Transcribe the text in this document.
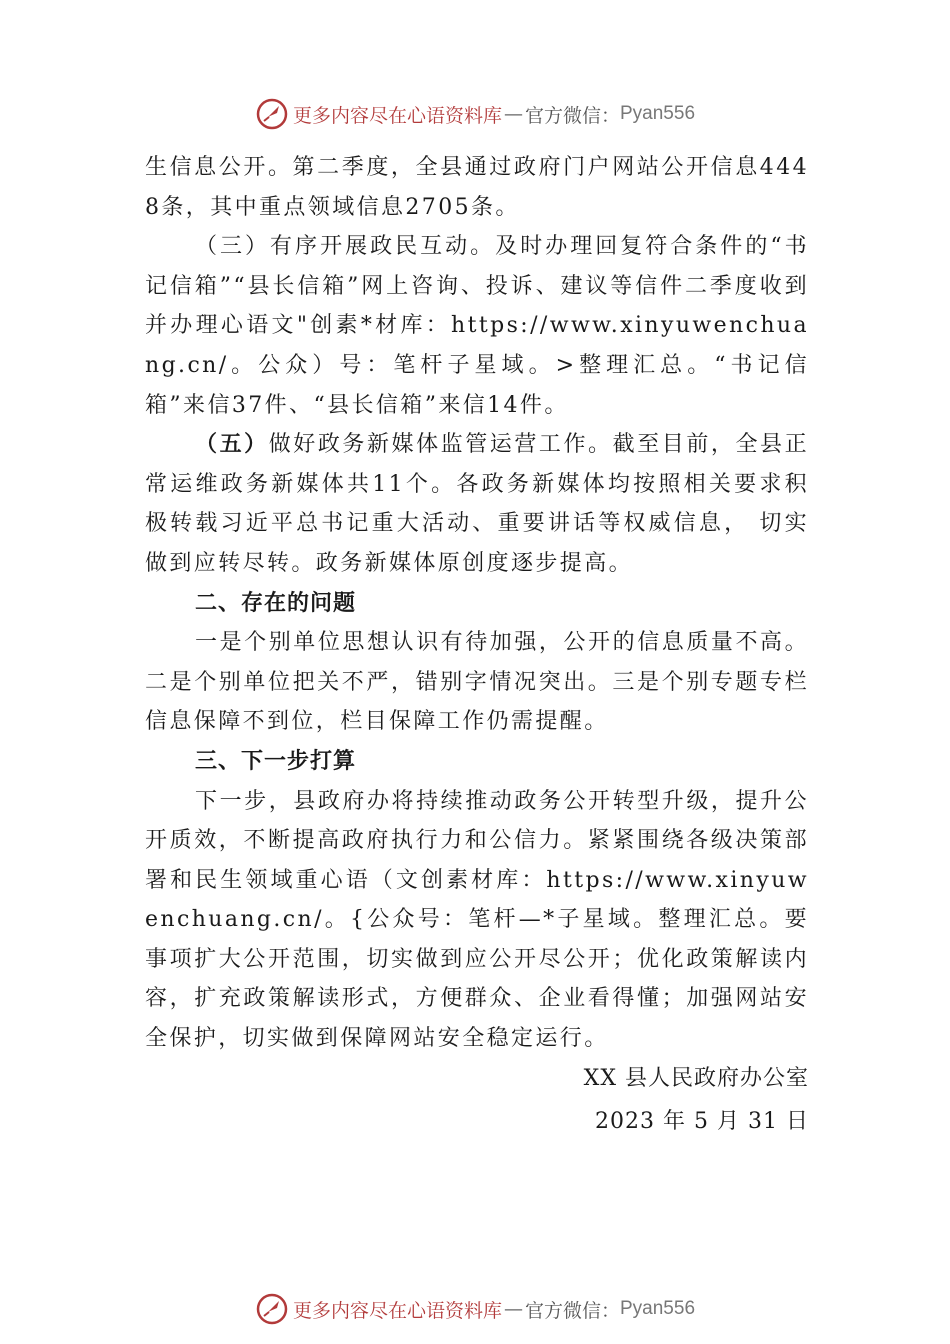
更多内容尽在心语资料库 — 官方微信： Pyan556

生信息公开。第二季度，全县通过政府门户网站公开信息4448条，其中重点领域信息2705条。

（三）有序开展政民互动。及时办理回复符合条件的“书记信箱”“县长信箱”网上咨询、投诉、建议等信件二季度收到并办理心语文"创素*材库：https://www.xinyuwenchuang.cn/。公众）号：笔杆子星域。>整理汇总。“书记信箱”来信37件、“县长信箱”来信14件。

（五）做好政务新媒体监管运营工作。截至目前，全县正常运维政务新媒体共11个。各政务新媒体均按照相关要求积极转载习近平总书记重大活动、重要讲话等权威信息， 切实做到应转尽转。政务新媒体原创度逐步提高。

二、存在的问题

一是个别单位思想认识有待加强，公开的信息质量不高。二是个别单位把关不严，错别字情况突出。三是个别专题专栏信息保障不到位，栏目保障工作仍需提醒。

三、下一步打算

下一步，县政府办将持续推动政务公开转型升级，提升公开质效，不断提高政府执行力和公信力。紧紧围绕各级决策部署和民生领域重心语（文创素材库：https://www.xinyuwenchuang.cn/。{公众号：笔杆—*子星域。整理汇总。要事项扩大公开范围，切实做到应公开尽公开；优化政策解读内容，扩充政策解读形式，方便群众、企业看得懂；加强网站安全保护，切实做到保障网站安全稳定运行。

XX 县人民政府办公室

2023 年 5 月 31 日

更多内容尽在心语资料库 — 官方微信： Pyan556
